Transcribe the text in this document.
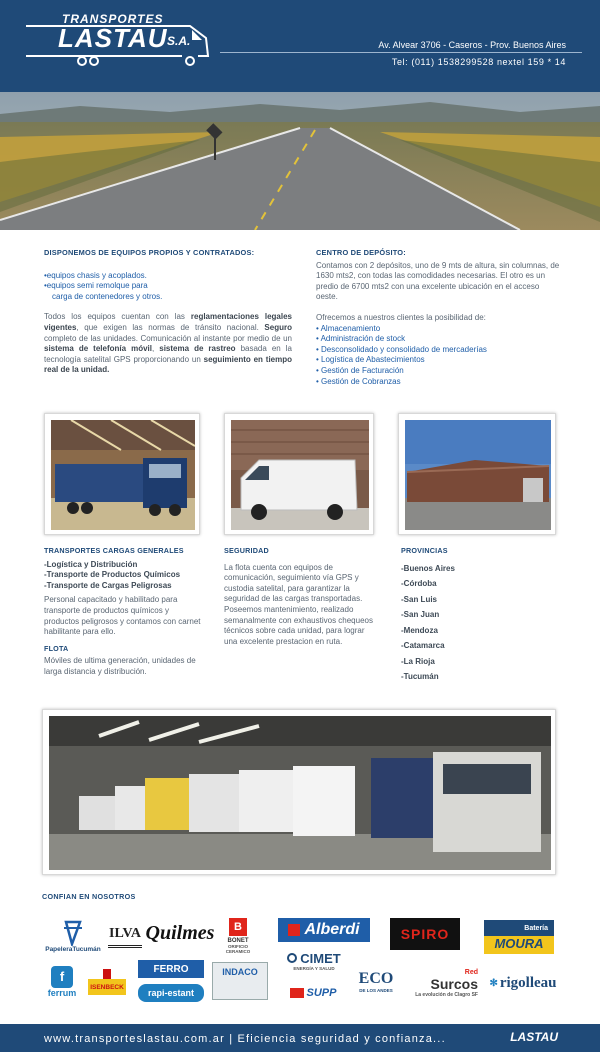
TRANSPORTES
LASTAU S.A.	Av. Alvear 3706 - Caseros - Prov. Buenos Aires
Tel: (011) 1538299528 nextel 159 * 14
DISPONEMOS DE EQUIPOS PROPIOS Y CONTRATADOS:
•equipos chasis y acoplados.
•equipos semi remolque para
carga de contenedores y otros.
Todos los equipos cuentan con las reglamentaciones legales vigentes, que exigen las normas de tránsito nacional. Seguro completo de las unidades. Comunicación al instante por medio de un sistema de telefonía móvil, sistema de rastreo basada en la tecnología satelital GPS proporcionando un seguimiento en tiempo real de la unidad.
CENTRO DE DEPÓSITO:
Contamos con 2 depósitos, uno de 9 mts de altura, sin columnas, de 1630 mts2, con todas las comodidades necesarias. El otro es un predio de 6700 mts2 con una excelente ubicación en el acceso oeste.
Ofrecemos a nuestros clientes la posibilidad de:
• Almacenamiento
• Administración de stock
• Desconsolidado y consolidado de mercaderías
• Logística de Abastecimientos
• Gestión de Facturación
• Gestión de Cobranzas
TRANSPORTES CARGAS GENERALES
-Logística y Distribución
-Transporte de Productos Químicos
-Transporte de Cargas Peligrosas
Personal capacitado y habilitado para transporte de productos químicos y productos peligrosos y contamos con carnet habilitante para ello.
FLOTA
Móviles de ultima generación, unidades de larga distancia y distribución.
SEGURIDAD
La flota cuenta con equipos de comunicación, seguimiento vía GPS y custodia satelital, para garantizar la seguridad de las cargas transportadas.
Poseemos mantenimiento, realizado semanalmente con exhaustivos chequeos técnicos sobre cada unidad, para lograr una excelente prestacion en ruta.
PROVINCIAS
-Buenos Aires
-Córdoba
-San Luis
-San Juan
-Mendoza
-Catamarca
-La Rioja
-Tucumán
CONFIAN EN NOSOTROS
PapeleraTucumán
ILVA Quilmes	B
BONET
ORIFICIO CERAMICO
Alberdi	SPIRO	Batería
MOURA
f
ferrum
ISENBECK
FERRO
rapi-estant
INDACO
CIMET
ENERGÍA Y SALUD
SUPP
ECO
DE LOS ANDES
Red
Surcos
La evolución de Clagro SF
✻ rigolleau
www.transporteslastau.com.ar | Eficiencia seguridad y confianza...	LASTAU
